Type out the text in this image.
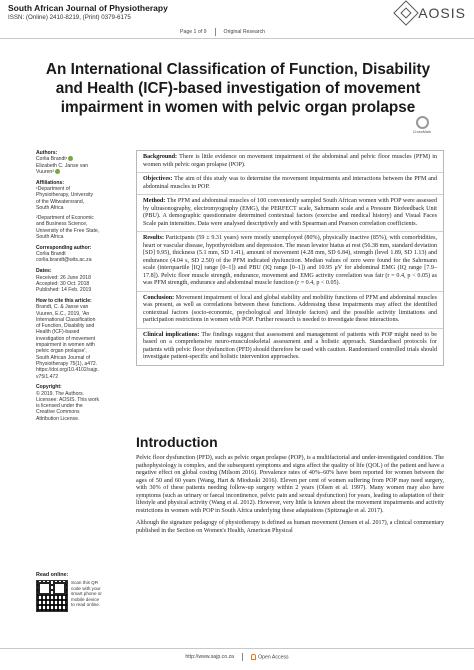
South African Journal of Physiotherapy
ISSN: (Online) 2410-8219, (Print) 0379-6175	AOSIS
Page 1 of 9	Original Research
An International Classification of Function, Disability
and Health (ICF)-based investigation of movement
impairment in women with pelvic organ prolapse
CrossMark
Authors:
Corlia Brandt¹
Elizabeth C. Janse van
Vuuren²
Affiliations:
¹Department of
Physiotherapy, University
of the Witwatersrand,
South Africa
²Department of Economic
and Business Science,
University of the Free State,
South Africa
Corresponding author:
Corlia Brandt
corlia.brandt@wits.ac.za
Dates:
Received: 26 June 2018
Accepted: 30 Oct. 2018
Published: 14 Feb. 2019
How to cite this article:
Brandt, C. & Janse van
Vuuren, E.C., 2019, 'An
International Classification
of Function, Disability and
Health (ICF)-based
investigation of movement
impairment in women with
pelvic organ prolapse',
South African Journal of
Physiotherapy 75(1), a472.
https://doi.org/10.4102/sajp.
v75i1.472
Copyright:
© 2019. The Authors.
Licensee: AOSIS. This work
is licensed under the
Creative Commons
Attribution License.
Read online:
Scan this QR
code with your
smart phone or
mobile device
to read online.
Background: There is little evidence on movement impairment of the abdominal and pelvic floor muscles (PFM) in women with pelvic organ prolapse (POP).
Objectives: The aim of this study was to determine the movement impairments and interactions between the PFM and abdominal muscles in POP.
Method: The PFM and abdominal muscles of 100 conveniently sampled South African women with POP were assessed by ultrasonography, electromyography (EMG), the PERFECT scale, Sahrmann scale and a Pressure Biofeedback Unit (PBU). A demographic questionnaire determined contextual factors (exercise and medical history) and Visual Faces Scale pain intensities. Data were analysed descriptively and with Spearman and Pearson correlation coefficients.
Results: Participants (59 ± 9.31 years) were mostly unemployed (80%), physically inactive (85%), with comorbidities, heart or vascular disease, hypothyroidism and depression. The mean levator hiatus at rest (56.38 mm, standard deviation [SD] 9.95), thickness (5.1 mm, SD 1.41), amount of movement (4.28 mm, SD 6.84), strength (level 1.89, SD 1.13) and endurance (4.04 s, SD 2.50) of the PFM indicated dysfunction. Median values of zero were found for the Sahrmann scale (interquartile [IQ] range [0–1]) and PBU (IQ range [0–1]) and 10.95 μV for abdominal EMG (IQ range [7.9–17.8]). Pelvic floor muscle strength, endurance, movement and EMG activity correlation was fair (r = 0.4, p < 0.05) as was PFM strength, endurance and abdominal muscle function (r = 0.4, p < 0.05).
Conclusion: Movement impairment of local and global stability and mobility functions of PFM and abdominal muscles was present, as well as correlations between these functions. Addressing these impairments may affect the identified contextual factors (socio-economic, psychological and lifestyle factors) and the possible activity limitations and participation restrictions in women with POP. Further research is needed to investigate these interactions.
Clinical implications: The findings suggest that assessment and management of patients with POP might need to be based on a comprehensive neuro-musculoskeletal assessment and a holistic approach. Standardised protocols for patients with pelvic floor dysfunction (PFD) should therefore be used with caution. Randomised controlled trials should investigate patient-specific and holistic intervention approaches.
Introduction

Pelvic floor dysfunction (PFD), such as pelvic organ prolapse (POP), is a multifactorial and under-investigated condition. The pathophysiology is complex, and the subsequent symptoms and signs affect the quality of life (QOL) of the patient and have a negative effect on global costing (Milsom 2016). Prevalence rates of 40%–60% have been reported for women between the ages of 50 and 60 years (Wang, Hart & Mioduski 2016). Eleven per cent of women suffering from POP may need surgery, with 30% of these patients needing follow-up surgery within 2 years (Olsen et al. 1997). Many women may also have symptoms (such as urinary or faecal incontinence, pelvic pain and sexual dysfunction) for years, leading to adaptation of their lifestyle and physical activity (Wang et al. 2012). However, very little is known about the movement impairments and activity restrictions in women with POP in South Africa underlying these adaptations (Spitznagle et al. 2017).

Although the signature pedagogy of physiotherapy is defined as human movement (Jensen et al. 2017), a clinical commentary published in the Section on Women's Health, American Physical

http://www.sajp.co.za	Open Access
